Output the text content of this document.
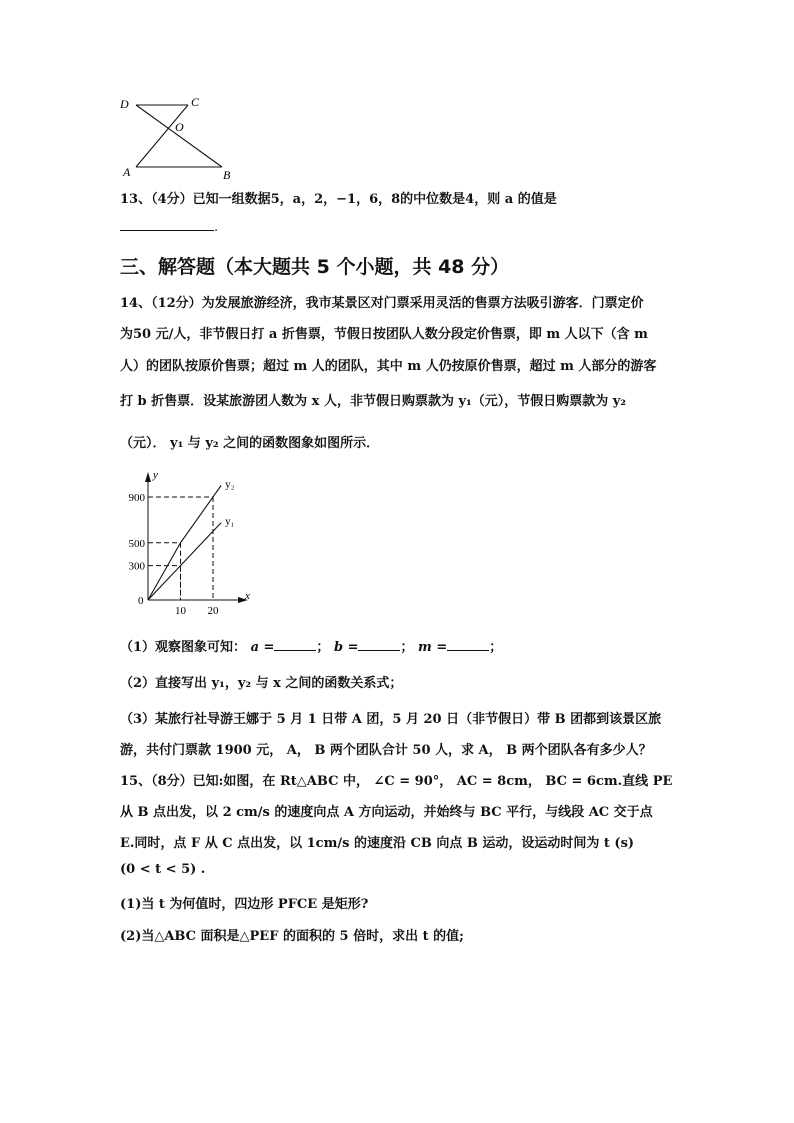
D	C
O
A	B
13、（4分）已知一组数据5，a，2，−1，6，8的中位数是4，则 a 的值是
.
三、解答题（本大题共 5 个小题，共 48 分）
14、（12分）为发展旅游经济，我市某景区对门票采用灵活的售票方法吸引游客．门票定价
为50 元/人，非节假日打 a 折售票，节假日按团队人数分段定价售票，即 m 人以下（含 m
人）的团队按原价售票；超过 m 人的团队，其中 m 人仍按原价售票，超过 m 人部分的游客
打 b 折售票．设某旅游团人数为 x 人，非节假日购票款为 y₁（元），节假日购票款为 y₂
（元）． y₁ 与 y₂ 之间的函数图象如图所示．
x
y
0
300
500
900
10 20
y₂
y₁
（1）观察图象可知： a =	； b =	； m =	；
（2）直接写出 y₁，y₂ 与 x 之间的函数关系式；
（3）某旅行社导游王娜于 5 月 1 日带 A 团，5 月 20 日（非节假日）带 B 团都到该景区旅
游，共付门票款 1900 元， A， B 两个团队合计 50 人，求 A， B 两个团队各有多少人？
15、（8分）已知:如图，在 Rt△ABC 中， ∠C = 90°， AC = 8cm， BC = 6cm.直线 PE
从 B 点出发，以 2 cm/s 的速度向点 A 方向运动，并始终与 BC 平行，与线段 AC 交于点
E.同时，点 F 从 C 点出发，以 1cm/s 的速度沿 CB 向点 B 运动，设运动时间为 t (s)
(0 < t < 5) .
(1)当 t 为何值时，四边形 PFCE 是矩形?
(2)当△ABC 面积是△PEF 的面积的 5 倍时，求出 t 的值;
